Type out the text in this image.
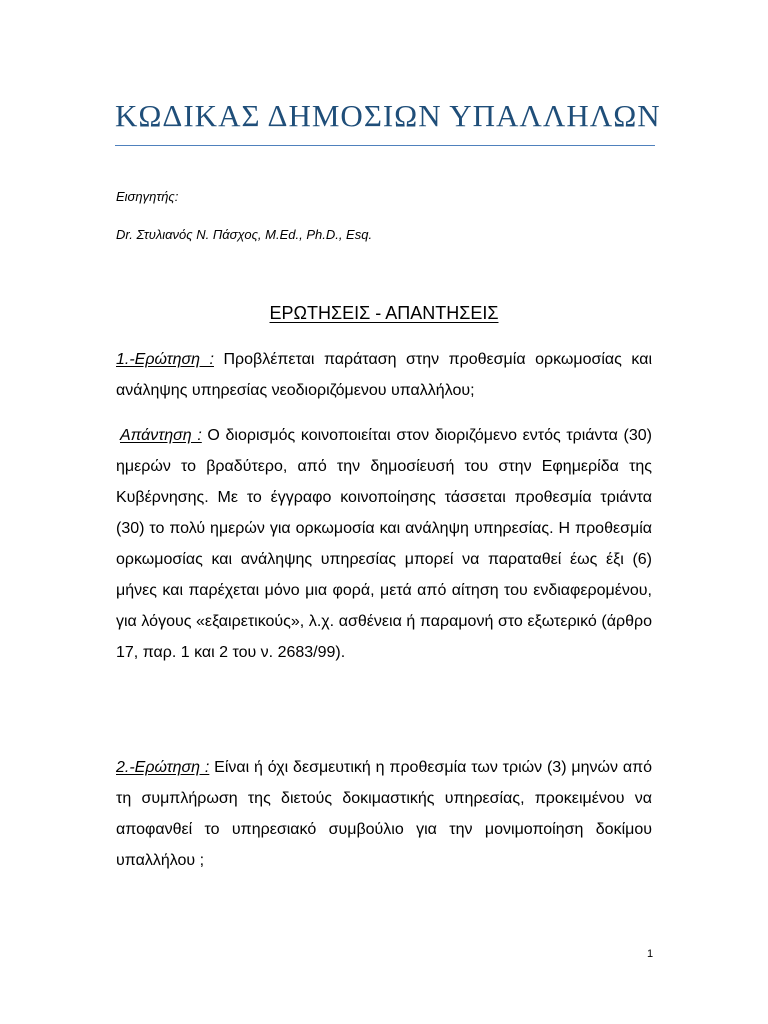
ΚΩΔΙΚΑΣ ΔΗΜΟΣΙΩΝ ΥΠΑΛΛΗΛΩΝ
Εισηγητής:
Dr. Στυλιανός Ν. Πάσχος, M.Ed., Ph.D., Esq.
ΕΡΩΤΗΣΕΙΣ - ΑΠΑΝΤΗΣΕΙΣ

1.-Ερώτηση : Προβλέπεται παράταση στην προθεσμία ορκωμοσίας και ανάληψης υπηρεσίας νεοδιοριζόμενου υπαλλήλου;

Απάντηση : Ο διορισμός κοινοποιείται στον διοριζόμενο εντός τριάντα (30) ημερών το βραδύτερο, από την δημοσίευσή του στην Εφημερίδα της Κυβέρνησης. Με το έγγραφο κοινοποίησης τάσσεται προθεσμία τριάντα (30) το πολύ ημερών για ορκωμοσία και ανάληψη υπηρεσίας. Η προθεσμία ορκωμοσίας και ανάληψης υπηρεσίας μπορεί να παραταθεί έως έξι (6) μήνες και παρέχεται μόνο μια φορά, μετά από αίτηση του ενδιαφερομένου, για λόγους «εξαιρετικούς», λ.χ. ασθένεια ή παραμονή στο εξωτερικό (άρθρο 17, παρ. 1 και 2 του ν. 2683/99).

2.-Ερώτηση : Είναι ή όχι δεσμευτική η προθεσμία των τριών (3) μηνών από τη συμπλήρωση της διετούς δοκιμαστικής υπηρεσίας, προκειμένου να αποφανθεί το υπηρεσιακό συμβούλιο για την μονιμοποίηση δοκίμου υπαλλήλου ;

1
